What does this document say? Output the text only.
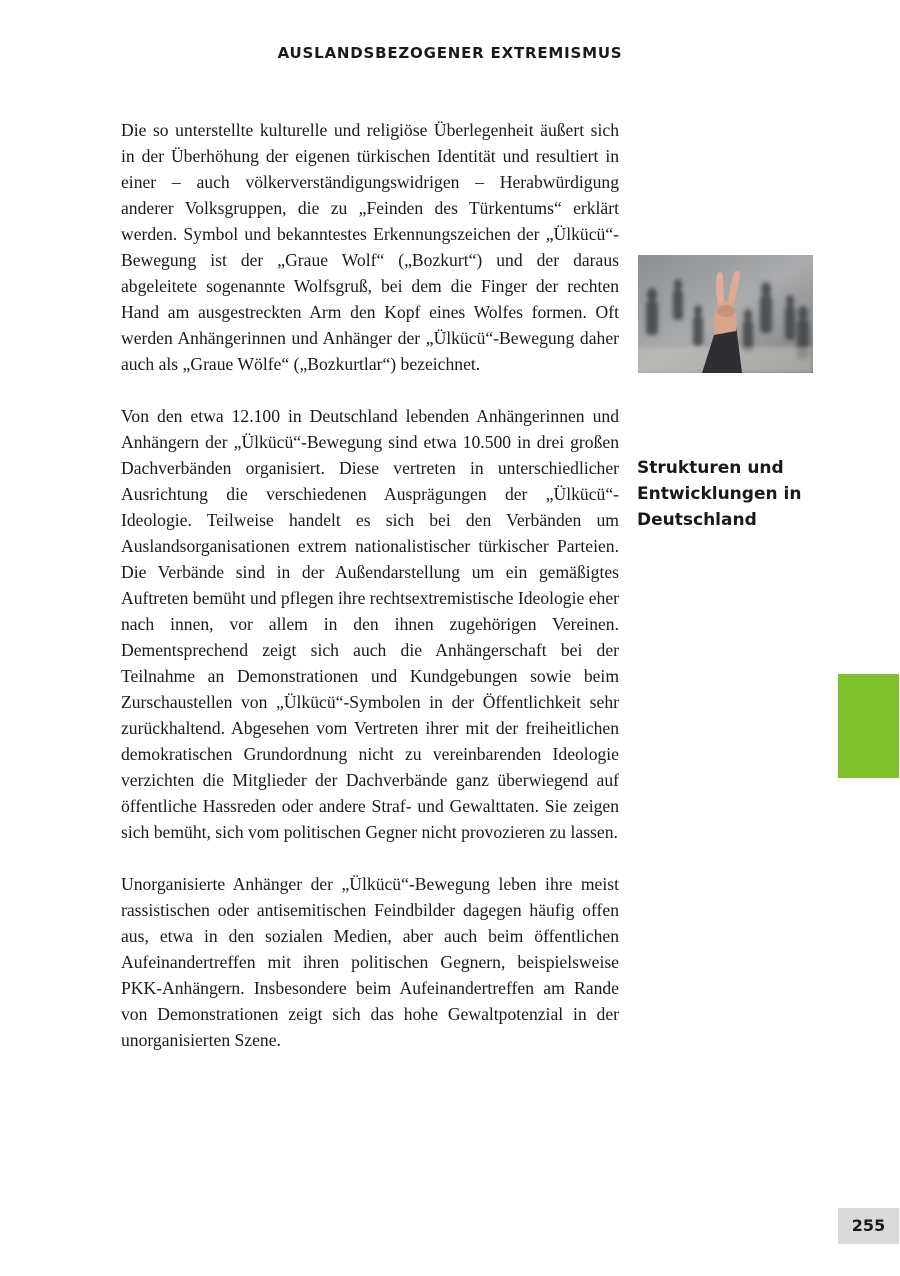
AUSLANDSBEZOGENER EXTREMISMUS

Die so unterstellte kulturelle und religiöse Überlegenheit äußert sich in der Überhöhung der eigenen türkischen Identität und resultiert in einer – auch völkerverständigungswidrigen – Herabwürdigung anderer Volksgruppen, die zu „Feinden des Türkentums“ erklärt werden. Symbol und bekanntestes Erkennungszeichen der „Ülkücü“-Bewegung ist der „Graue Wolf“ („Bozkurt“) und der daraus abgeleitete sogenannte Wolfsgruß, bei dem die Finger der rechten Hand am ausgestreckten Arm den Kopf eines Wolfes formen. Oft werden Anhängerinnen und Anhänger der „Ülkücü“-Bewegung daher auch als „Graue Wölfe“ („Bozkurtlar“) bezeichnet.

Von den etwa 12.100 in Deutschland lebenden Anhängerinnen und Anhängern der „Ülkücü“-Bewegung sind etwa 10.500 in drei großen Dachverbänden organisiert. Diese vertreten in unterschiedlicher Ausrichtung die verschiedenen Ausprägungen der „Ülkücü“-Ideologie. Teilweise handelt es sich bei den Verbänden um Auslandsorganisationen extrem nationalistischer türkischer Parteien. Die Verbände sind in der Außendarstellung um ein gemäßigtes Auftreten bemüht und pflegen ihre rechtsextremistische Ideologie eher nach innen, vor allem in den ihnen zugehörigen Vereinen. Dementsprechend zeigt sich auch die Anhängerschaft bei der Teilnahme an Demonstrationen und Kundgebungen sowie beim Zurschaustellen von „Ülkücü“-Symbolen in der Öffentlichkeit sehr zurückhaltend. Abgesehen vom Vertreten ihrer mit der freiheitlichen demokratischen Grundordnung nicht zu vereinbarenden Ideologie verzichten die Mitglieder der Dachverbände ganz überwiegend auf öffentliche Hassreden oder andere Straf- und Gewalttaten. Sie zeigen sich bemüht, sich vom politischen Gegner nicht provozieren zu lassen.

Unorganisierte Anhänger der „Ülkücü“-Bewegung leben ihre meist rassistischen oder antisemitischen Feindbilder dagegen häufig offen aus, etwa in den sozialen Medien, aber auch beim öffentlichen Aufeinandertreffen mit ihren politischen Gegnern, beispielsweise PKK-Anhängern. Insbesondere beim Aufeinandertreffen am Rande von Demonstrationen zeigt sich das hohe Gewaltpotenzial in der unorganisierten Szene.

Strukturen und Entwicklungen in Deutschland
255
